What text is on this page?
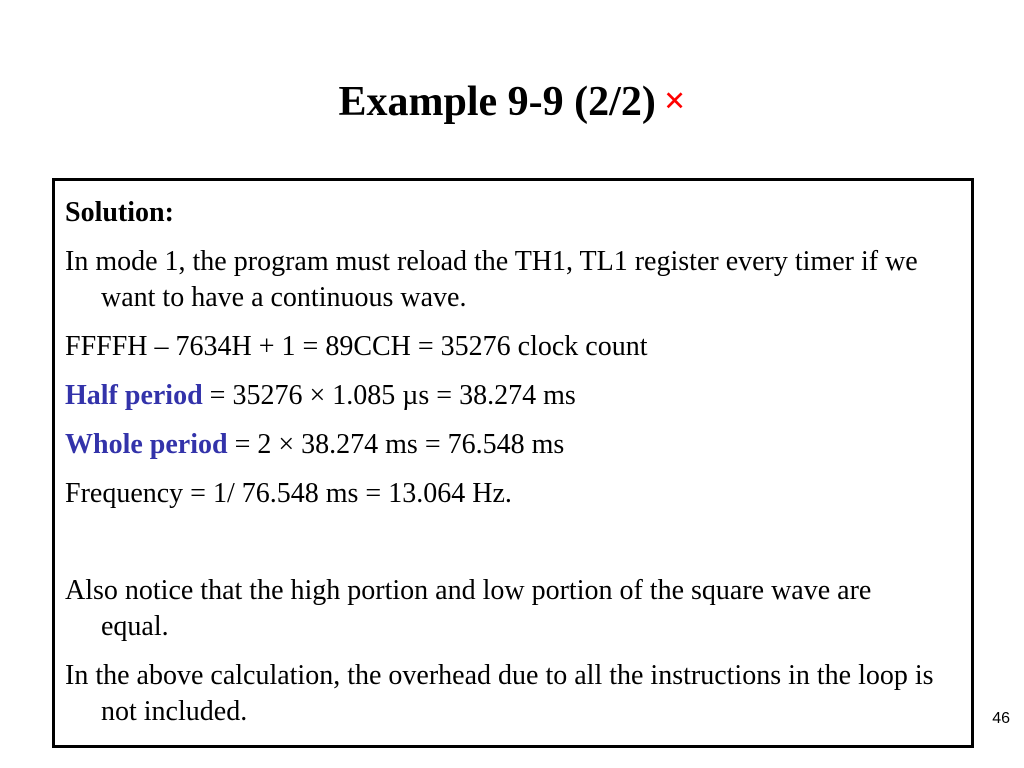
Example 9-9 (2/2) ×

Solution:

In mode 1, the program must reload the TH1, TL1 register every timer if we want to have a continuous wave.

FFFFH – 7634H + 1 = 89CCH = 35276 clock count

Half period = 35276 × 1.085 µs = 38.274 ms

Whole period = 2 × 38.274 ms = 76.548 ms

Frequency = 1/ 76.548 ms = 13.064 Hz.

Also notice that the high portion and low portion of the square wave are equal.

In the above calculation, the overhead due to all the instructions in the loop is not included.	46
